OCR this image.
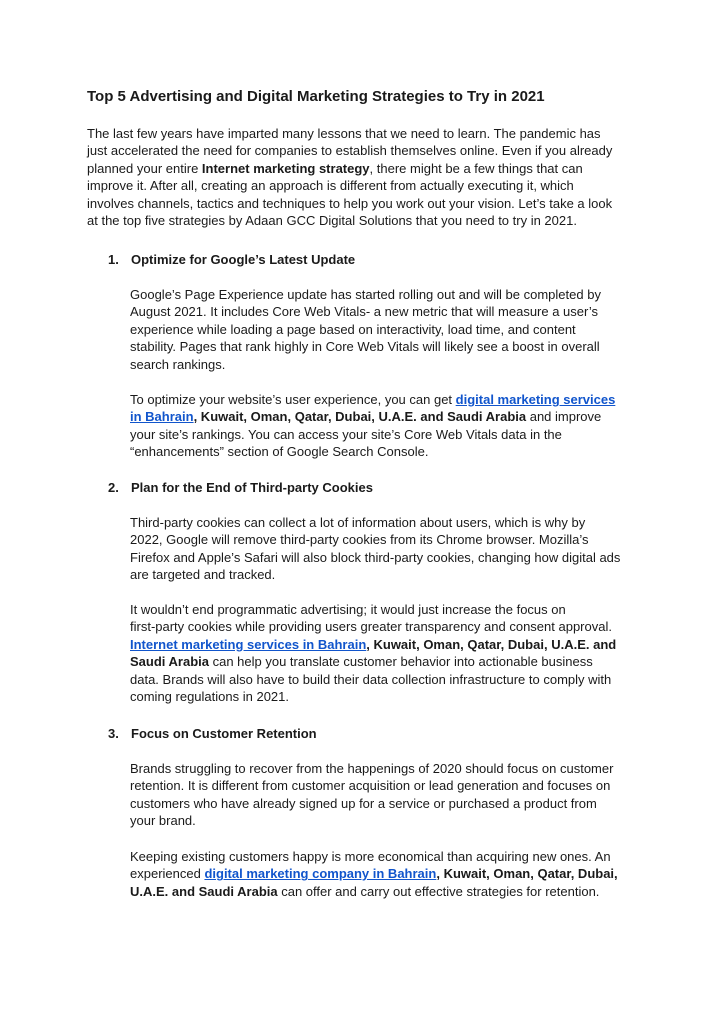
Top 5 Advertising and Digital Marketing Strategies to Try in 2021

The last few years have imparted many lessons that we need to learn. The pandemic has
just accelerated the need for companies to establish themselves online. Even if you already
planned your entire Internet marketing strategy, there might be a few things that can
improve it. After all, creating an approach is different from actually executing it, which
involves channels, tactics and techniques to help you work out your vision. Let’s take a look
at the top five strategies by Adaan GCC Digital Solutions that you need to try in 2021.

1. Optimize for Google’s Latest Update

Google’s Page Experience update has started rolling out and will be completed by
August 2021. It includes Core Web Vitals- a new metric that will measure a user’s
experience while loading a page based on interactivity, load time, and content
stability. Pages that rank highly in Core Web Vitals will likely see a boost in overall
search rankings.

To optimize your website’s user experience, you can get digital marketing services
in Bahrain, Kuwait, Oman, Qatar, Dubai, U.A.E. and Saudi Arabia and improve
your site’s rankings. You can access your site’s Core Web Vitals data in the
“enhancements” section of Google Search Console.

2. Plan for the End of Third-party Cookies

Third-party cookies can collect a lot of information about users, which is why by
2022, Google will remove third-party cookies from its Chrome browser. Mozilla’s
Firefox and Apple’s Safari will also block third-party cookies, changing how digital ads
are targeted and tracked.

It wouldn’t end programmatic advertising; it would just increase the focus on
first-party cookies while providing users greater transparency and consent approval.
Internet marketing services in Bahrain, Kuwait, Oman, Qatar, Dubai, U.A.E. and
Saudi Arabia can help you translate customer behavior into actionable business
data. Brands will also have to build their data collection infrastructure to comply with
coming regulations in 2021.

3. Focus on Customer Retention

Brands struggling to recover from the happenings of 2020 should focus on customer
retention. It is different from customer acquisition or lead generation and focuses on
customers who have already signed up for a service or purchased a product from
your brand.

Keeping existing customers happy is more economical than acquiring new ones. An
experienced digital marketing company in Bahrain, Kuwait, Oman, Qatar, Dubai,
U.A.E. and Saudi Arabia can offer and carry out effective strategies for retention.
